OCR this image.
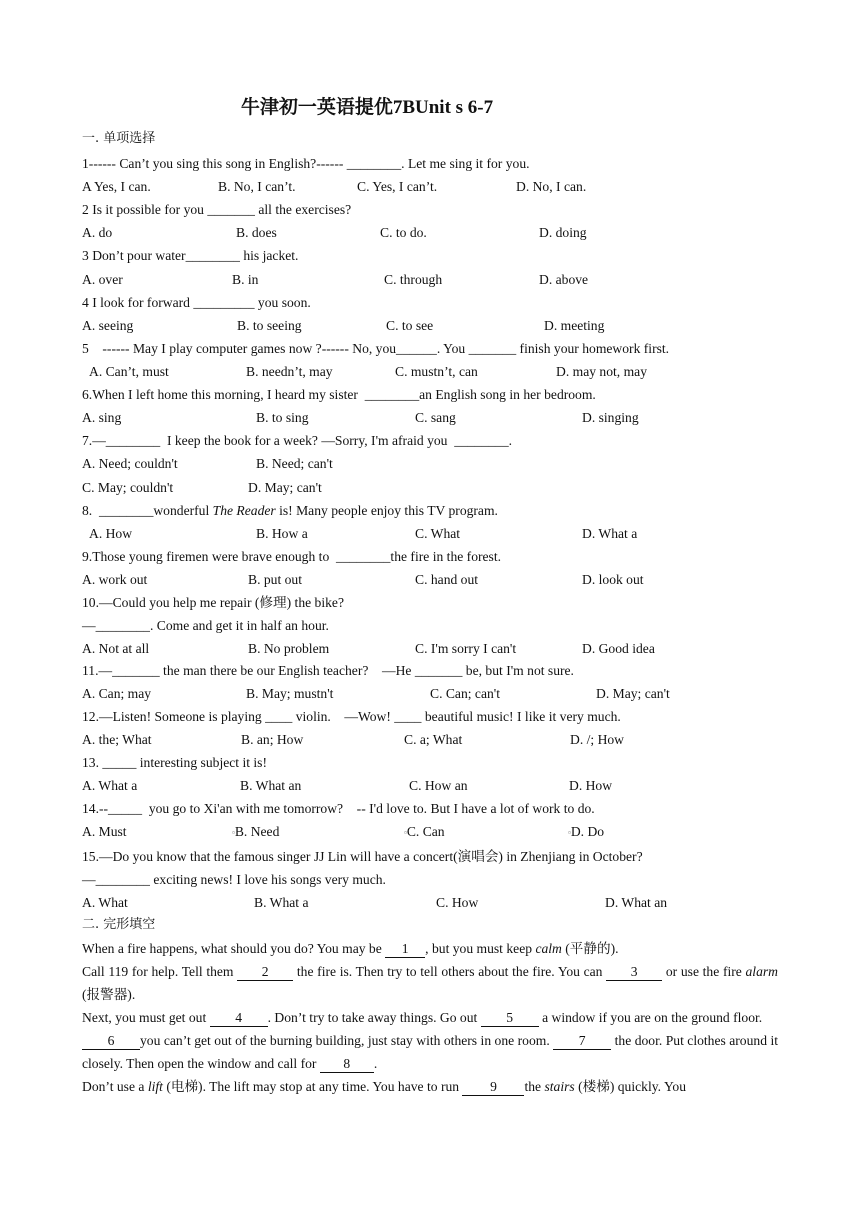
牛津初一英语提优7BUnit s 6-7
一. 单项选择
1------ Can’t you sing this song in English?------ ________. Let me sing it for you.
A Yes, I can.	B. No, I can’t.	C. Yes, I can’t.	D. No, I can.
2 Is it possible for you _______ all the exercises?
A. do	B. does	C. to do.	D. doing
3 Don’t pour water________ his jacket.
A. over	B. in	C. through	D. above
4 I look for forward _________ you soon.
A. seeing	B. to seeing	C. to see	D. meeting
5    ------ May I play computer games now ?------ No, you______. You _______ finish your homework first.
A. Can’t, must	B. needn’t, may	C. mustn’t, can	D. may not, may
6.When I left home this morning, I heard my sister  ________an English song in her bedroom.
A. sing	B. to sing	C. sang	D. singing
7.—________  I keep the book for a week? —Sorry, I'm afraid you  ________.
A. Need; couldn't	B. Need; can't
C. May; couldn't	D. May; can't
8.  ________wonderful The Reader is! Many people enjoy this TV program.
A. How	B. How a	C. What	D. What a
9.Those young firemen were brave enough to  ________the fire in the forest.
A. work out	B. put out	C. hand out	D. look out
10.—Could you help me repair (修理) the bike?
—________. Come and get it in half an hour.
A. Not at all	B. No problem	C. I'm sorry I can't	D. Good idea
11.—_______ the man there be our English teacher?    —He _______ be, but I'm not sure.
A. Can; may	B. May; mustn't	C. Can; can't	D. May; can't
12.—Listen! Someone is playing ____ violin.    —Wow! ____ beautiful music! I like it very much.
A. the; What	B. an; How	C. a; What	D. /; How
13. _____ interesting subject it is!
A. What a	B. What an	C. How an	D. How
14.--_____  you go to Xi'an with me tomorrow?    -- I'd love to. But I have a lot of work to do.
A. Must	▫B. Need	▫C. Can	▫D. Do
15.—Do you know that the famous singer JJ Lin will have a concert(演唱会) in Zhenjiang in October?
—________ exciting news! I love his songs very much.
A. What	B. What a	C. How	D. What an
二. 完形填空
When a fire happens, what should you do? You may be 1 , but you must keep calm (平静的).
Call 119 for help. Tell them 2 the fire is. Then try to tell others about the fire. You can 3 or use the fire alarm (报警器).
Next, you must get out 4 . Don’t try to take away things. Go out 5 a window if you are on the ground floor.
6 you can’t get out of the burning building, just stay with others in one room. 7 the door. Put clothes around it closely. Then open the window and call for 8 .
Don’t use a lift (电梯). The lift may stop at any time. You have to run 9 the stairs (楼梯) quickly. You
